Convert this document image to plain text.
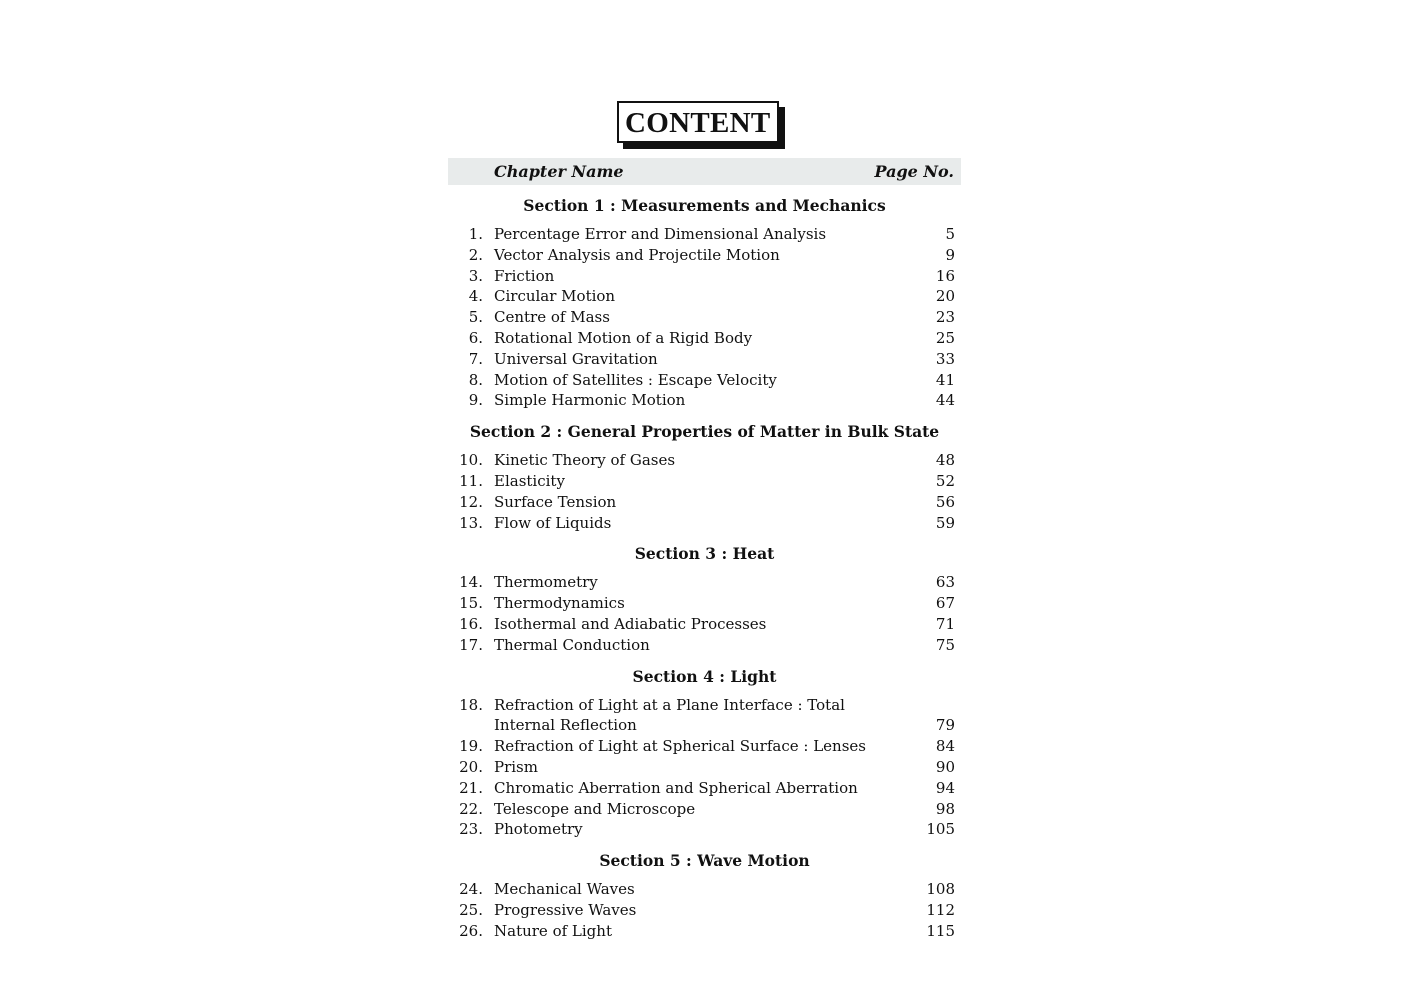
CONTENT
Chapter Name	Page No.
Section 1 : Measurements and Mechanics
1. Percentage Error and Dimensional Analysis	5
2. Vector Analysis and Projectile Motion	9
3. Friction	16
4. Circular Motion	20
5. Centre of Mass	23
6. Rotational Motion of a Rigid Body	25
7. Universal Gravitation	33
8. Motion of Satellites : Escape Velocity	41
9. Simple Harmonic Motion	44
Section 2 : General Properties of Matter in Bulk State
10. Kinetic Theory of Gases	48
11. Elasticity	52
12. Surface Tension	56
13. Flow of Liquids	59
Section 3 : Heat
14. Thermometry	63
15. Thermodynamics	67
16. Isothermal and Adiabatic Processes	71
17. Thermal Conduction	75
Section 4 : Light
18. Refraction of Light at a Plane Interface : Total
Internal Reflection	79
19. Refraction of Light at Spherical Surface : Lenses	84
20. Prism	90
21. Chromatic Aberration and Spherical Aberration	94
22. Telescope and Microscope	98
23. Photometry	105
Section 5 : Wave Motion
24. Mechanical Waves	108
25. Progressive Waves	112
26. Nature of Light	115
